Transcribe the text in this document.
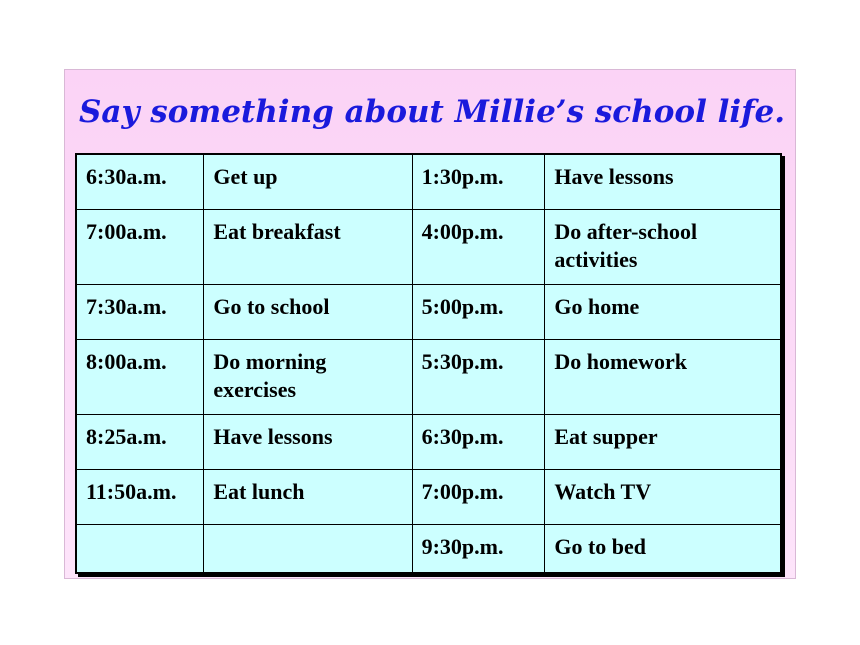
Say something about Millie’s school life.
6:30a.m.	Get up	1:30p.m.	Have lessons
7:00a.m.	Eat breakfast	4:00p.m.	Do after-school activities
7:30a.m.	Go to school	5:00p.m.	Go home
8:00a.m.	Do morning exercises	5:30p.m.	Do homework
8:25a.m.	Have lessons	6:30p.m.	Eat supper
11:50a.m.	Eat lunch	7:00p.m.	Watch TV
		9:30p.m.	Go to bed
